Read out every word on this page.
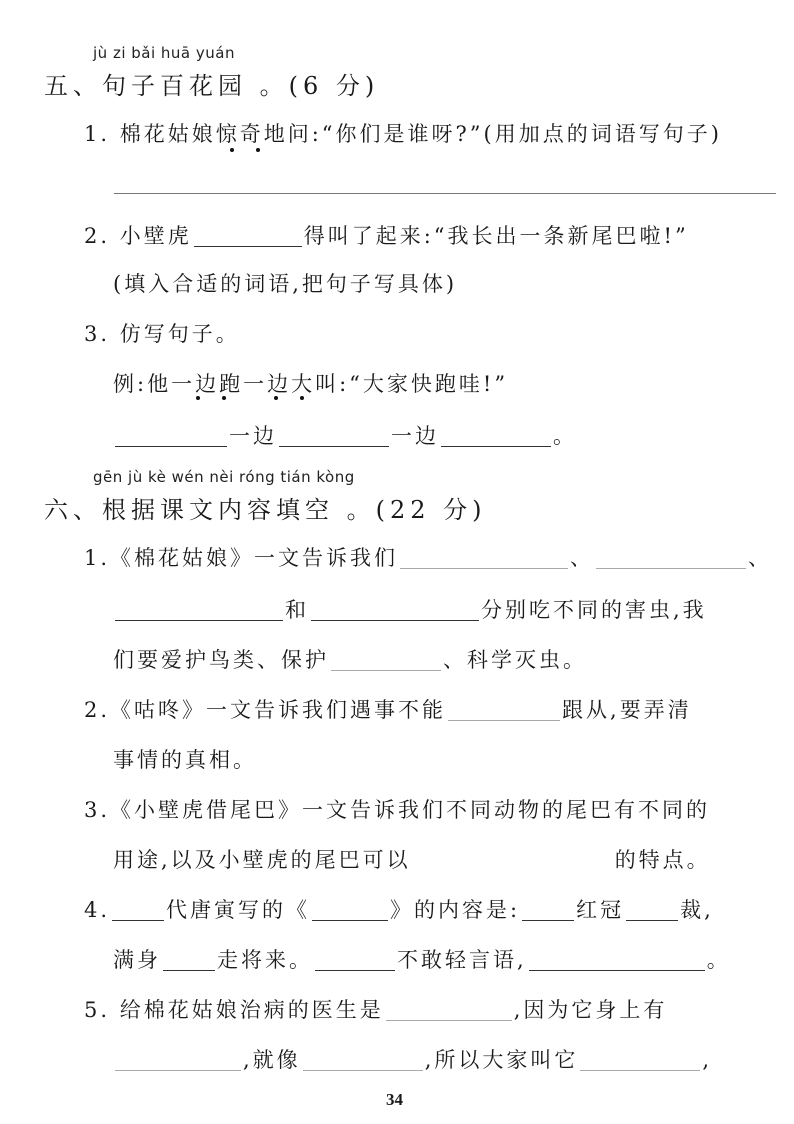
jù zi bǎi huā yuán
五、句子百花园 。(6 分)
1. 棉花姑娘惊奇地问:“你们是谁呀?”(用加点的词语写句子)
2. 小壁虎	得叫了起来:“我长出一条新尾巴啦!”
(填入合适的词语,把句子写具体)
3. 仿写句子。
例:他一边跑一边大叫:“大家快跑哇!”
一边	一边	。
gēn jù kè wén nèi róng tián kòng
六、根据课文内容填空 。(22 分)
1.《棉花姑娘》一文告诉我们	、	、
和	分别吃不同的害虫,我
们要爱护鸟类、保护	、科学灭虫。
2.《咕咚》一文告诉我们遇事不能	跟从,要弄清
事情的真相。
3.《小壁虎借尾巴》一文告诉我们不同动物的尾巴有不同的
用途,以及小壁虎的尾巴可以	的特点。
4.	代唐寅写的《	》的内容是:	红冠	裁,
满身	走将来。	不敢轻言语,	。
5. 给棉花姑娘治病的医生是	,因为它身上有
,就像	,所以大家叫它	,
34
